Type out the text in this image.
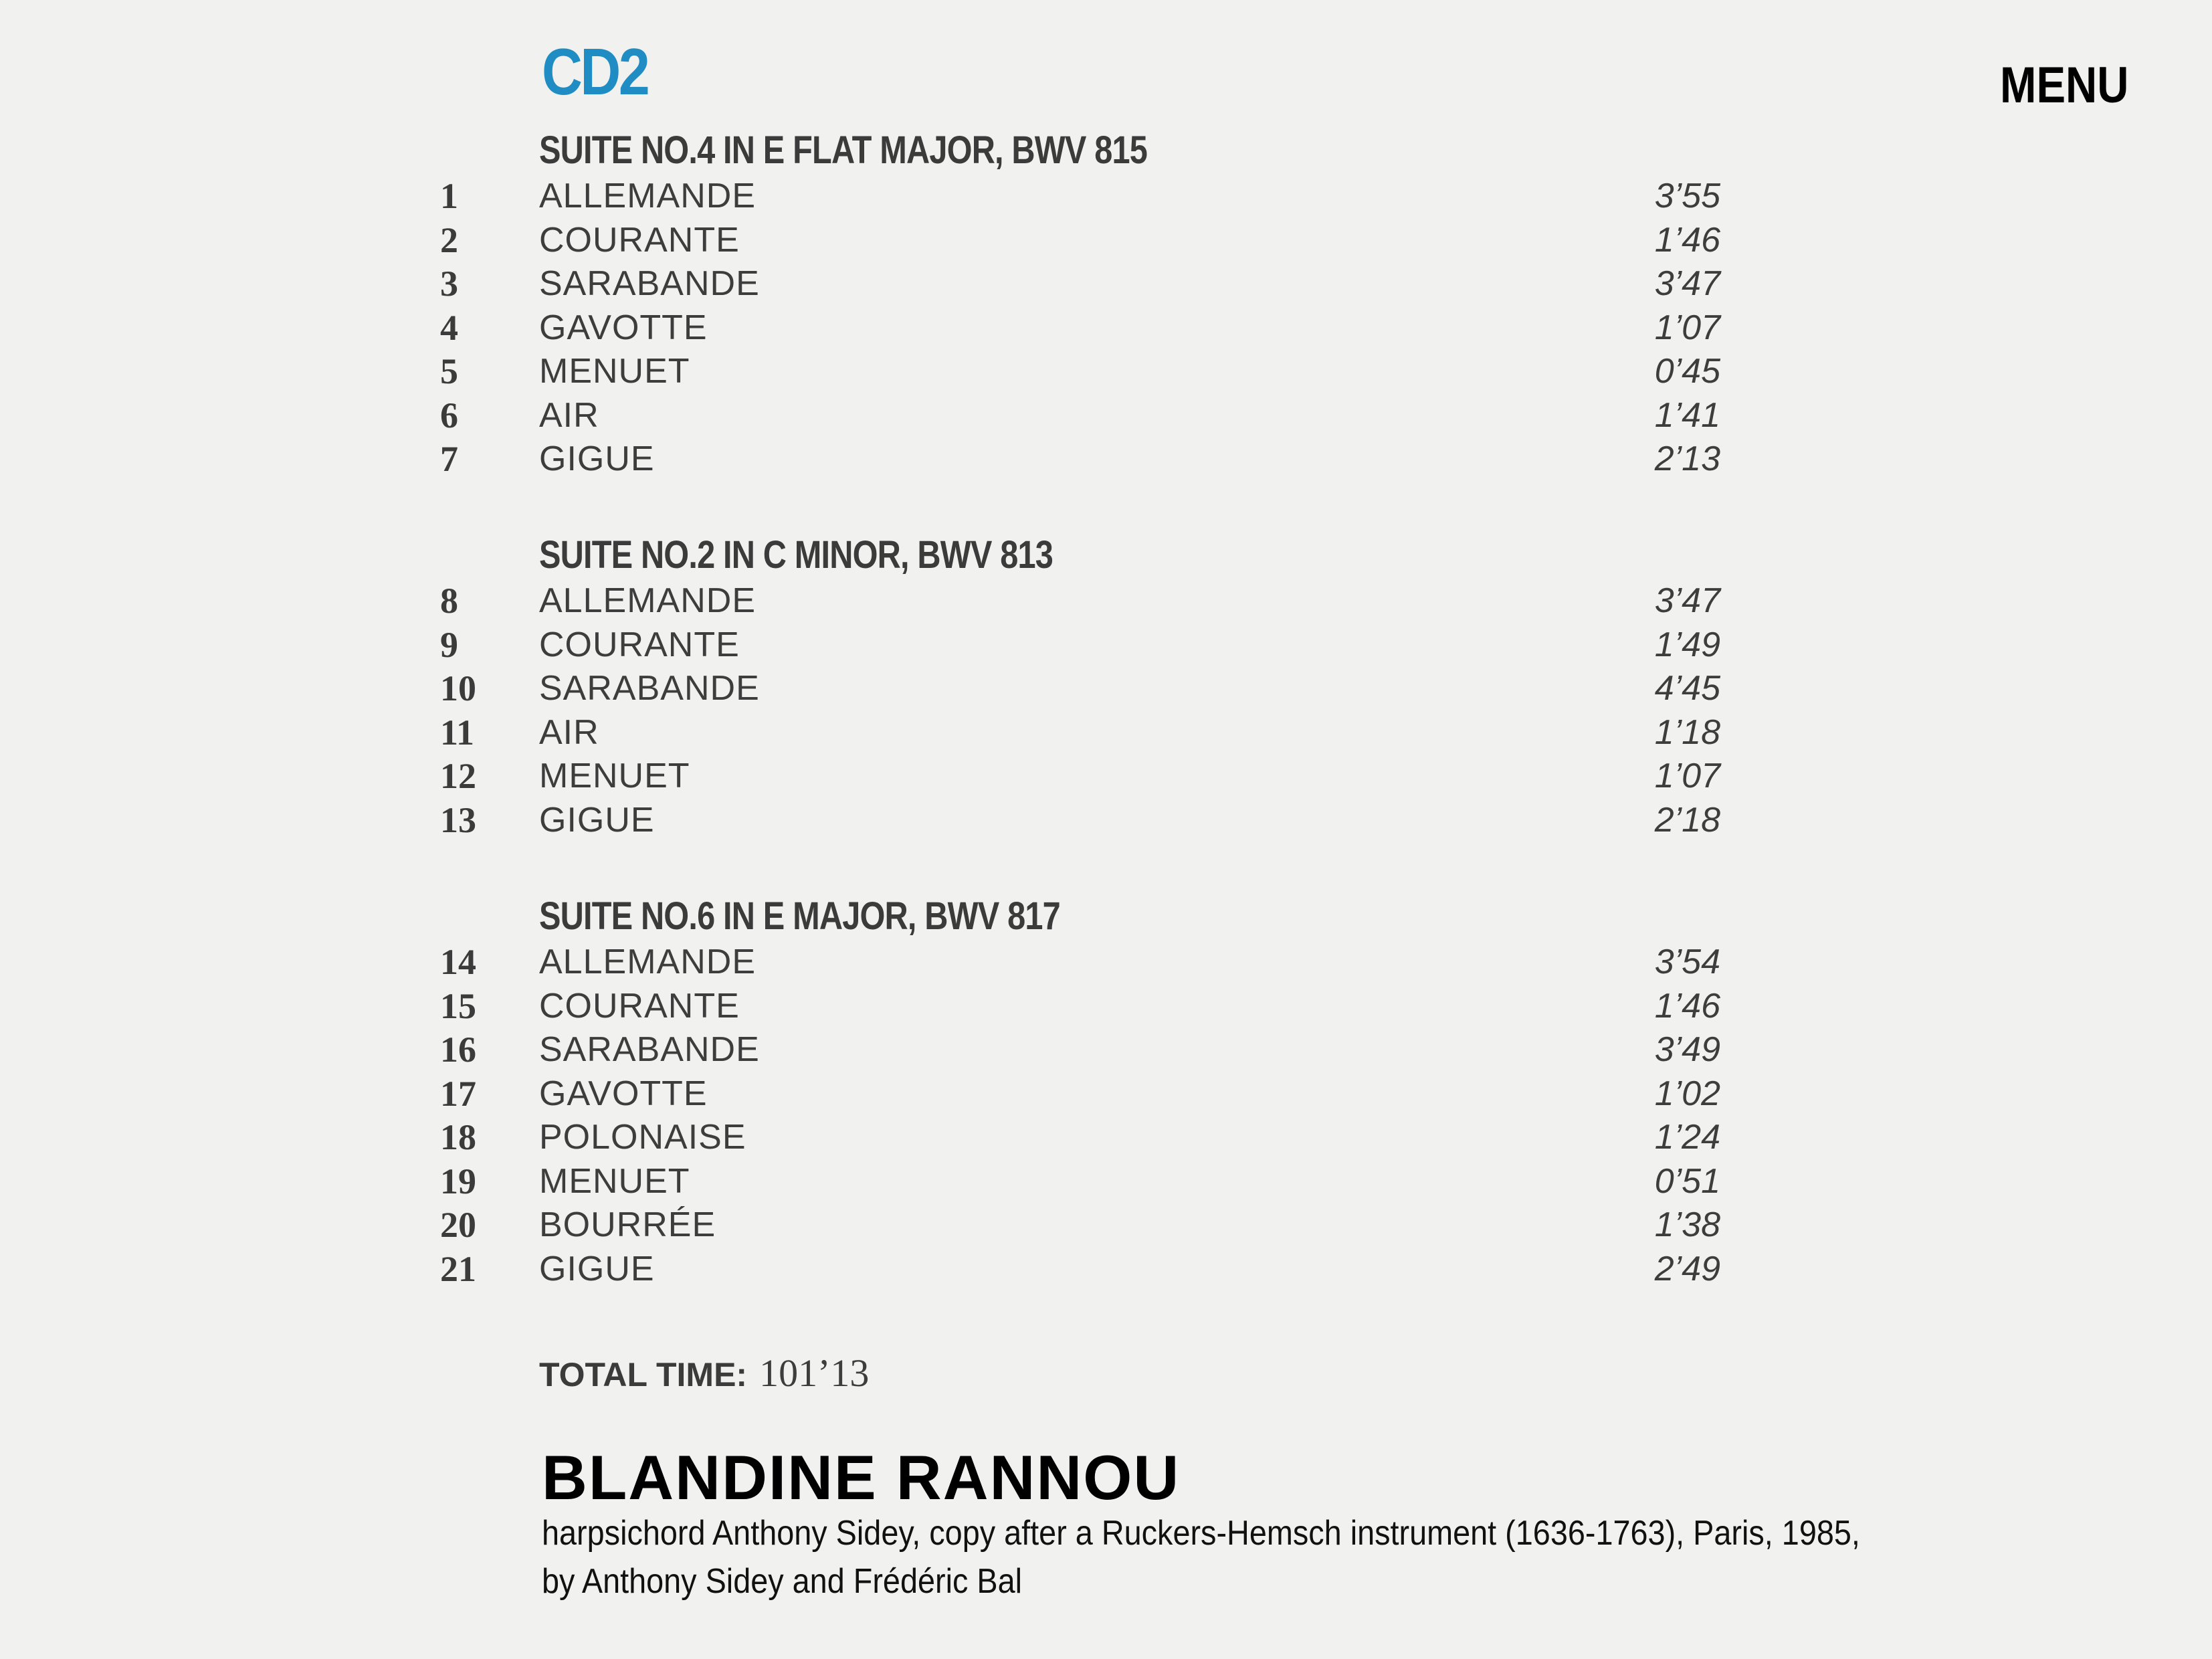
CD2	MENU
SUITE NO.4 IN E FLAT MAJOR, BWV 815
1 ALLEMANDE	3’55
2 COURANTE	1’46
3 SARABANDE	3’47
4 GAVOTTE	1’07
5 MENUET	0’45
6 AIR	1’41
7 GIGUE	2’13
SUITE NO.2 IN C MINOR, BWV 813
8 ALLEMANDE	3’47
9 COURANTE	1’49
10 SARABANDE	4’45
11 AIR	1’18
12 MENUET	1’07
13 GIGUE	2’18
SUITE NO.6 IN E MAJOR, BWV 817
14 ALLEMANDE	3’54
15 COURANTE	1’46
16 SARABANDE	3’49
17 GAVOTTE	1’02
18 POLONAISE	1’24
19 MENUET	0’51
20 BOURRÉE	1’38
21 GIGUE	2’49
TOTAL TIME: 101’13
BLANDINE RANNOU
harpsichord Anthony Sidey, copy after a Ruckers-Hemsch instrument (1636-1763), Paris, 1985,
by Anthony Sidey and Frédéric Bal
